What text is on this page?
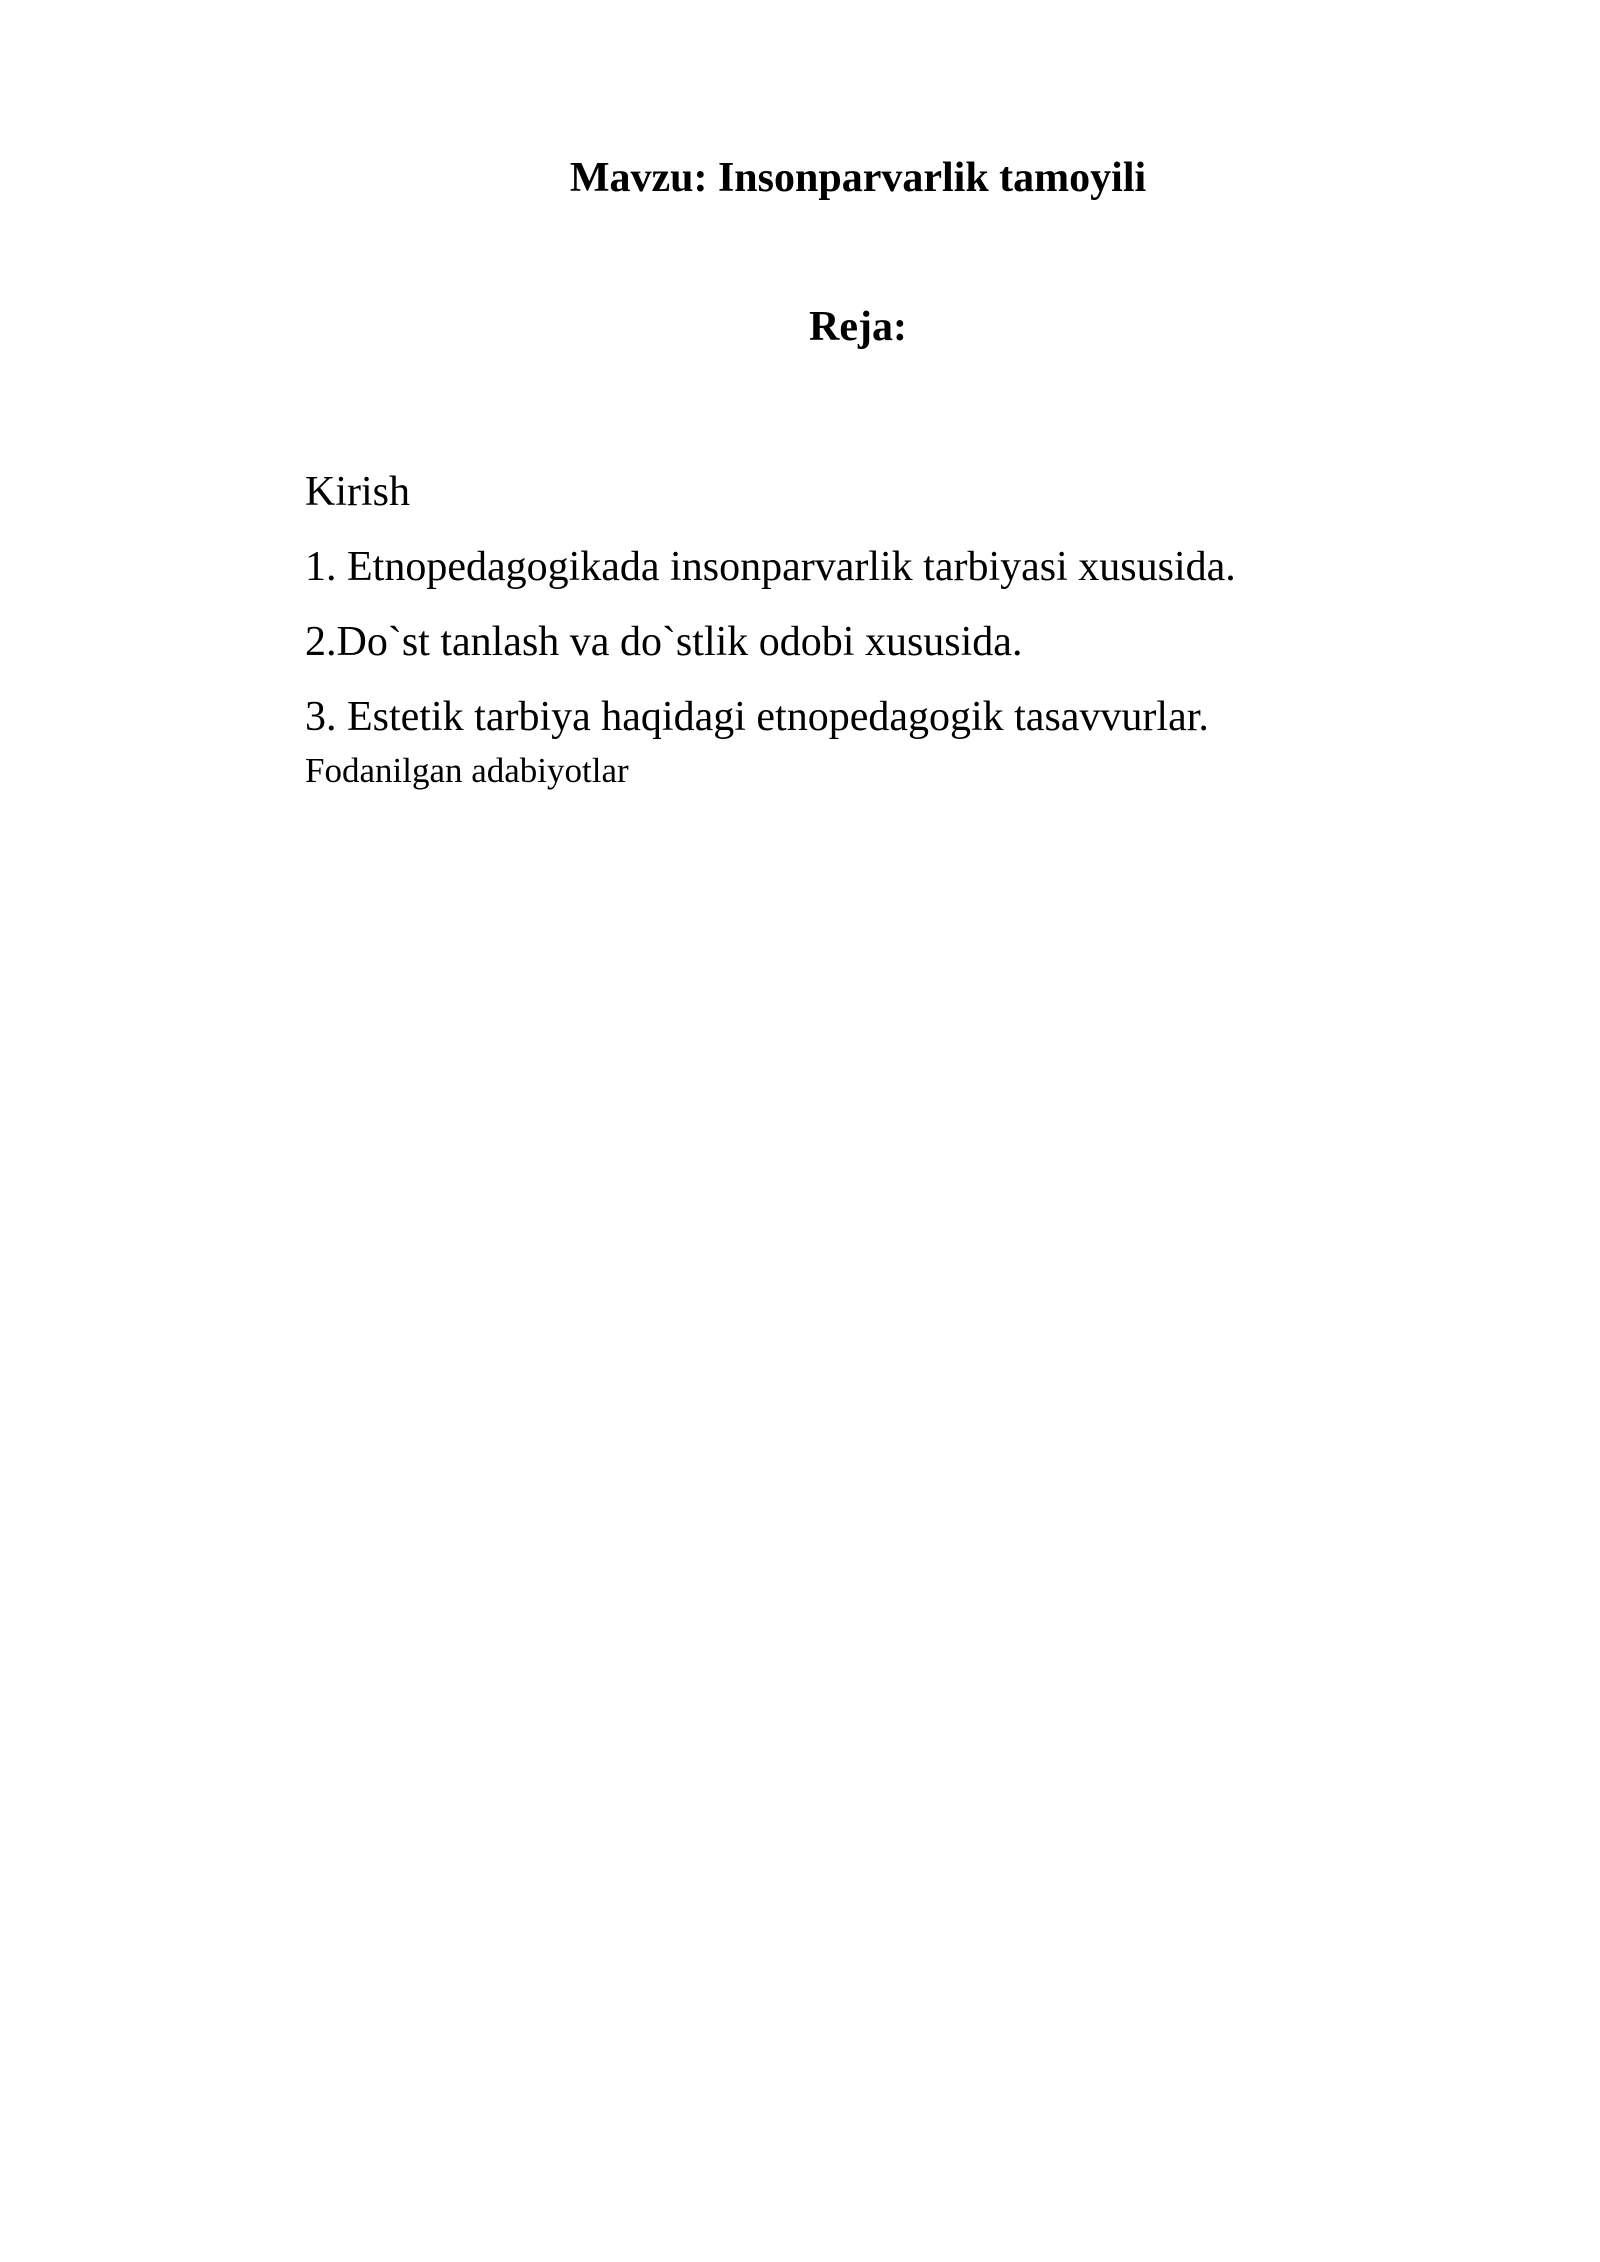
Mavzu: Insonparvarlik tamoyili
Reja:
Kirish
1. Etnopedagogikada insonparvarlik tarbiyasi xususida.
2.Do`st tanlash va do`stlik odobi xususida.
3. Estetik tarbiya haqidagi etnopedagogik tasavvurlar.
Fodanilgan adabiyotlar
